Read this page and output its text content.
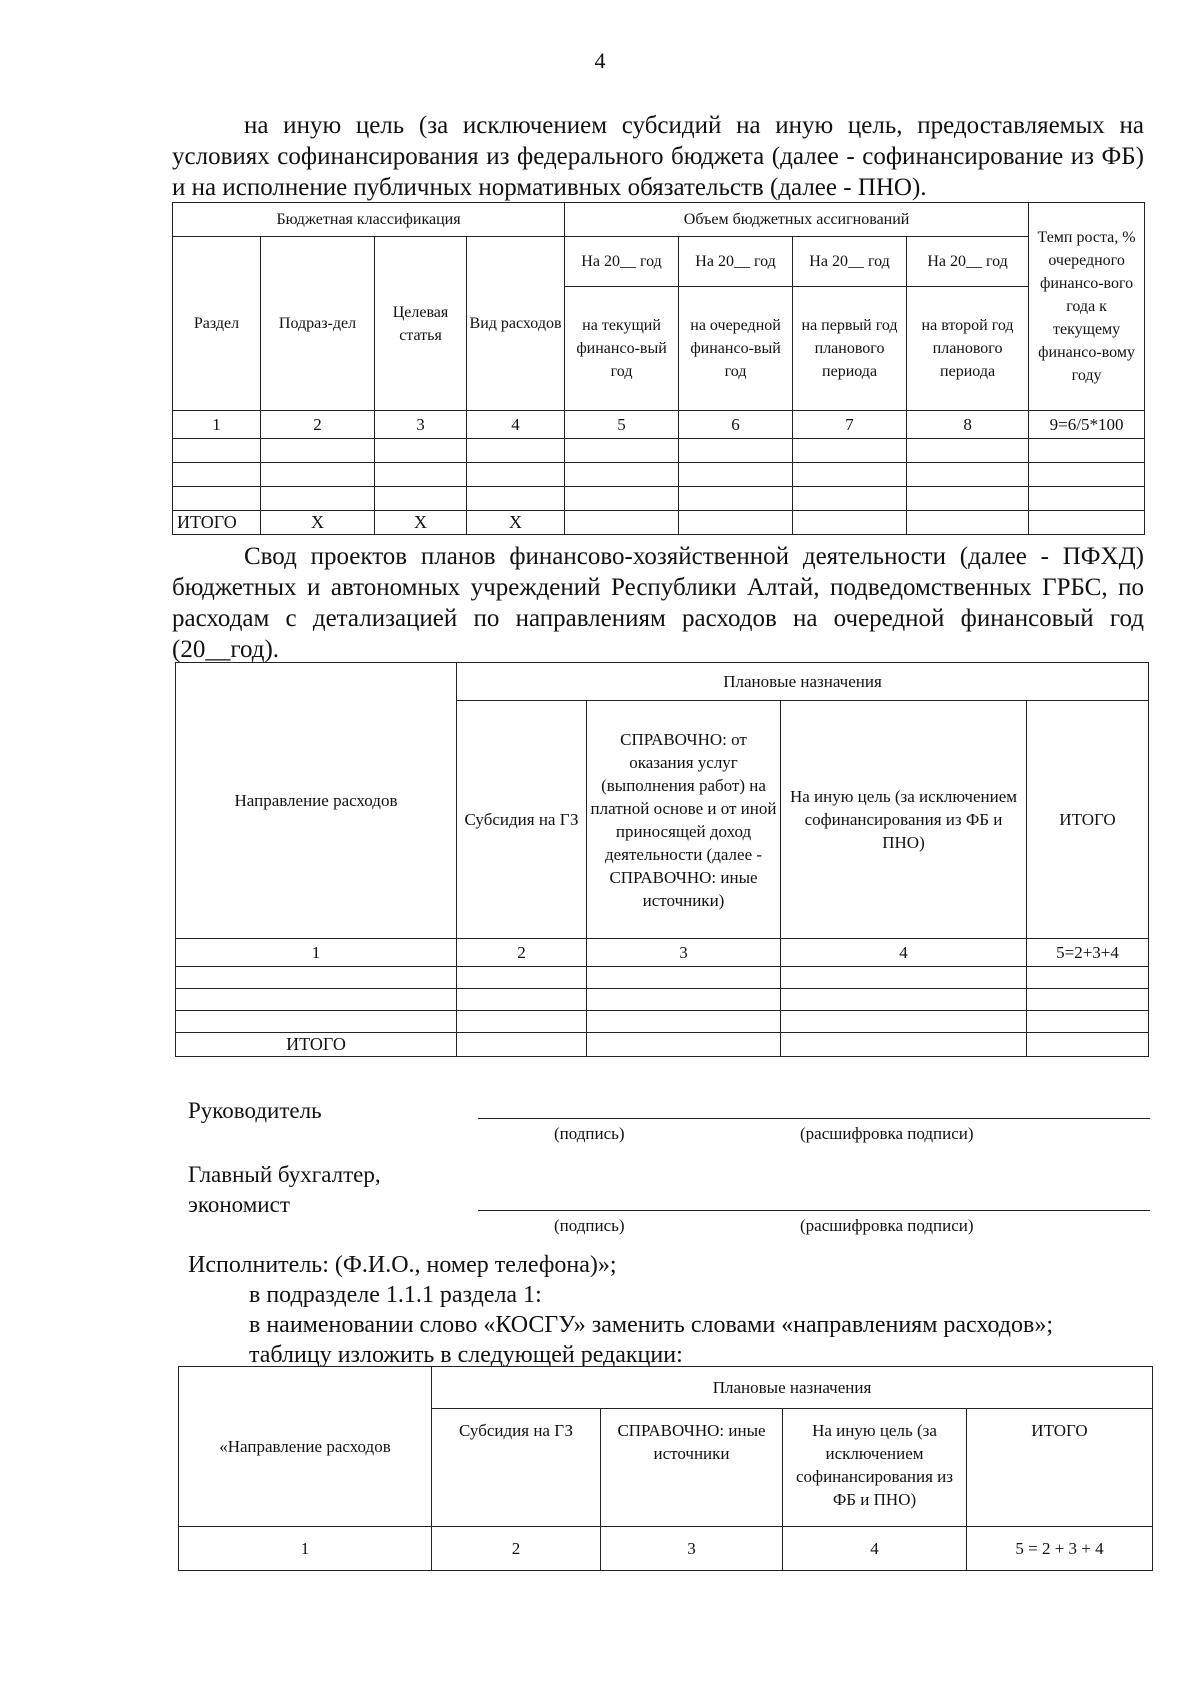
4

на иную цель (за исключением субсидий на иную цель, предоставляемых на условиях софинансирования из федерального бюджета (далее - софинансирование из ФБ) и на исполнение публичных нормативных обязательств (далее - ПНО).

Бюджетная классификация				Объем бюджетных ассигнований				Темп роста, % очередного финансо-вого года к текущему финансо-вому году
Раздел	Подраз-дел	Целевая статья	Вид расходов	На 20__ год	На 20__ год	На 20__ год	На 20__ год	
				на текущий финансо-вый год	на очередной финансо-вый год	на первый год планового периода	на второй год планового периода	
1	2	3	4	5	6	7	8	9=6/5*100

ИТОГО	Х	Х	Х					

Свод проектов планов финансово-хозяйственной деятельности (далее - ПФХД) бюджетных и автономных учреждений Республики Алтай, подведомственных ГРБС, по расходам с детализацией по направлениям расходов на очередной финансовый год (20__год).

Направление расходов	Плановые назначения			
	Субсидия на ГЗ	СПРАВОЧНО: от оказания услуг (выполнения работ) на платной основе и от иной приносящей доход деятельности (далее - СПРАВОЧНО: иные источники)	На иную цель (за исключением софинансирования из ФБ и ПНО)	ИТОГО
1	2	3	4	5=2+3+4

ИТОГО				
Руководитель
(подпись)	(расшифровка подписи)
Главный бухгалтер,
экономист
(подпись)	(расшифровка подписи)
Исполнитель: (Ф.И.О., номер телефона)»;
в подразделе 1.1.1 раздела 1:
в наименовании слово «КОСГУ» заменить словами «направлениям расходов»;
таблицу изложить в следующей редакции:
«Направление расходов	Плановые назначения			
	Субсидия на ГЗ	СПРАВОЧНО: иные источники	На иную цель (за исключением софинансирования из ФБ и ПНО)	ИТОГО
1	2	3	4	5 = 2 + 3 + 4
